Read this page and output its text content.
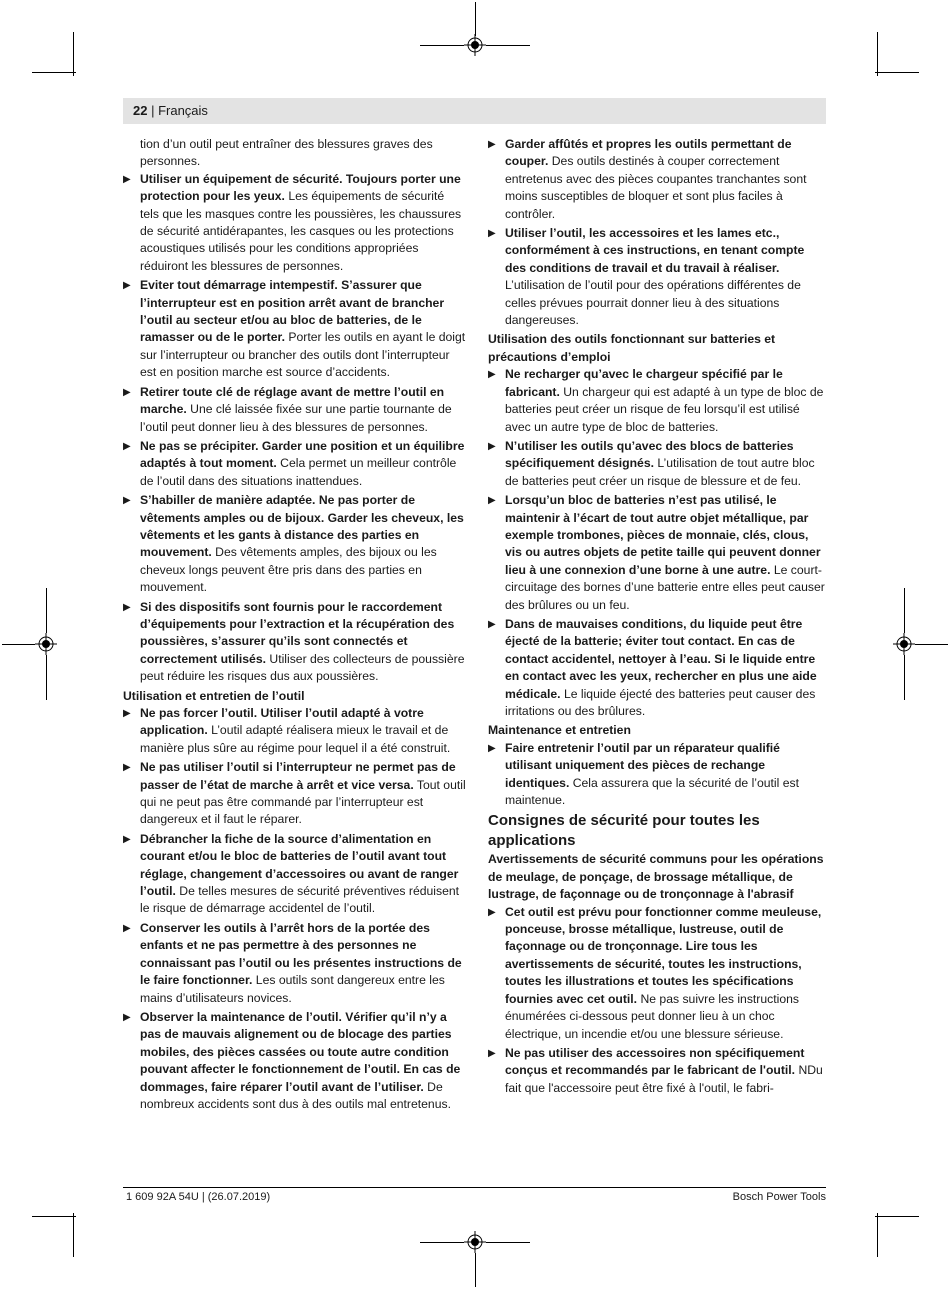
22 | Français

tion d’un outil peut entraîner des blessures graves des personnes.

▶ Utiliser un équipement de sécurité. Toujours porter une protection pour les yeux. Les équipements de sécurité tels que les masques contre les poussières, les chaussures de sécurité antidérapantes, les casques ou les protections acoustiques utilisés pour les conditions appropriées réduiront les blessures de personnes.
▶ Eviter tout démarrage intempestif. S’assurer que l’interrupteur est en position arrêt avant de brancher l’outil au secteur et/ou au bloc de batteries, de le ramasser ou de le porter. Porter les outils en ayant le doigt sur l’interrupteur ou brancher des outils dont l’interrupteur est en position marche est source d’accidents.
▶ Retirer toute clé de réglage avant de mettre l’outil en marche. Une clé laissée fixée sur une partie tournante de l’outil peut donner lieu à des blessures de personnes.
▶ Ne pas se précipiter. Garder une position et un équilibre adaptés à tout moment. Cela permet un meilleur contrôle de l’outil dans des situations inattendues.
▶ S’habiller de manière adaptée. Ne pas porter de vêtements amples ou de bijoux. Garder les cheveux, les vêtements et les gants à distance des parties en mouvement. Des vêtements amples, des bijoux ou les cheveux longs peuvent être pris dans des parties en mouvement.
▶ Si des dispositifs sont fournis pour le raccordement d’équipements pour l’extraction et la récupération des poussières, s’assurer qu’ils sont connectés et correctement utilisés. Utiliser des collecteurs de poussière peut réduire les risques dus aux poussières.

Utilisation et entretien de l’outil

▶ Ne pas forcer l’outil. Utiliser l’outil adapté à votre application. L’outil adapté réalisera mieux le travail et de manière plus sûre au régime pour lequel il a été construit.
▶ Ne pas utiliser l’outil si l’interrupteur ne permet pas de passer de l’état de marche à arrêt et vice versa. Tout outil qui ne peut pas être commandé par l’interrupteur est dangereux et il faut le réparer.
▶ Débrancher la fiche de la source d’alimentation en courant et/ou le bloc de batteries de l’outil avant tout réglage, changement d’accessoires ou avant de ranger l’outil. De telles mesures de sécurité préventives réduisent le risque de démarrage accidentel de l’outil.
▶ Conserver les outils à l’arrêt hors de la portée des enfants et ne pas permettre à des personnes ne connaissant pas l’outil ou les présentes instructions de le faire fonctionner. Les outils sont dangereux entre les mains d’utilisateurs novices.
▶ Observer la maintenance de l’outil. Vérifier qu’il n’y a pas de mauvais alignement ou de blocage des parties mobiles, des pièces cassées ou toute autre condition pouvant affecter le fonctionnement de l’outil. En cas de dommages, faire réparer l’outil avant de l’utiliser. De nombreux accidents sont dus à des outils mal entretenus.
▶ Garder affûtés et propres les outils permettant de couper. Des outils destinés à couper correctement entretenus avec des pièces coupantes tranchantes sont moins susceptibles de bloquer et sont plus faciles à contrôler.
▶ Utiliser l’outil, les accessoires et les lames etc., conformément à ces instructions, en tenant compte des conditions de travail et du travail à réaliser. L’utilisation de l’outil pour des opérations différentes de celles prévues pourrait donner lieu à des situations dangereuses.

Utilisation des outils fonctionnant sur batteries et précautions d’emploi

▶ Ne recharger qu’avec le chargeur spécifié par le fabricant. Un chargeur qui est adapté à un type de bloc de batteries peut créer un risque de feu lorsqu’il est utilisé avec un autre type de bloc de batteries.
▶ N’utiliser les outils qu’avec des blocs de batteries spécifiquement désignés. L’utilisation de tout autre bloc de batteries peut créer un risque de blessure et de feu.
▶ Lorsqu’un bloc de batteries n’est pas utilisé, le maintenir à l’écart de tout autre objet métallique, par exemple trombones, pièces de monnaie, clés, clous, vis ou autres objets de petite taille qui peuvent donner lieu à une connexion d’une borne à une autre. Le court-circuitage des bornes d’une batterie entre elles peut causer des brûlures ou un feu.
▶ Dans de mauvaises conditions, du liquide peut être éjecté de la batterie; éviter tout contact. En cas de contact accidentel, nettoyer à l’eau. Si le liquide entre en contact avec les yeux, rechercher en plus une aide médicale. Le liquide éjecté des batteries peut causer des irritations ou des brûlures.

Maintenance et entretien

▶ Faire entretenir l’outil par un réparateur qualifié utilisant uniquement des pièces de rechange identiques. Cela assurera que la sécurité de l’outil est maintenue.

Consignes de sécurité pour toutes les applications

Avertissements de sécurité communs pour les opérations de meulage, de ponçage, de brossage métallique, de lustrage, de façonnage ou de tronçonnage à l'abrasif

▶ Cet outil est prévu pour fonctionner comme meuleuse, ponceuse, brosse métallique, lustreuse, outil de façonnage ou de tronçonnage. Lire tous les avertissements de sécurité, toutes les instructions, toutes les illustrations et toutes les spécifications fournies avec cet outil. Ne pas suivre les instructions énumérées ci-dessous peut donner lieu à un choc électrique, un incendie et/ou une blessure sérieuse.
▶ Ne pas utiliser des accessoires non spécifiquement conçus et recommandés par le fabricant de l'outil. NDu fait que l'accessoire peut être fixé à l'outil, le fabri-
1 609 92A 54U | (26.07.2019)	Bosch Power Tools
